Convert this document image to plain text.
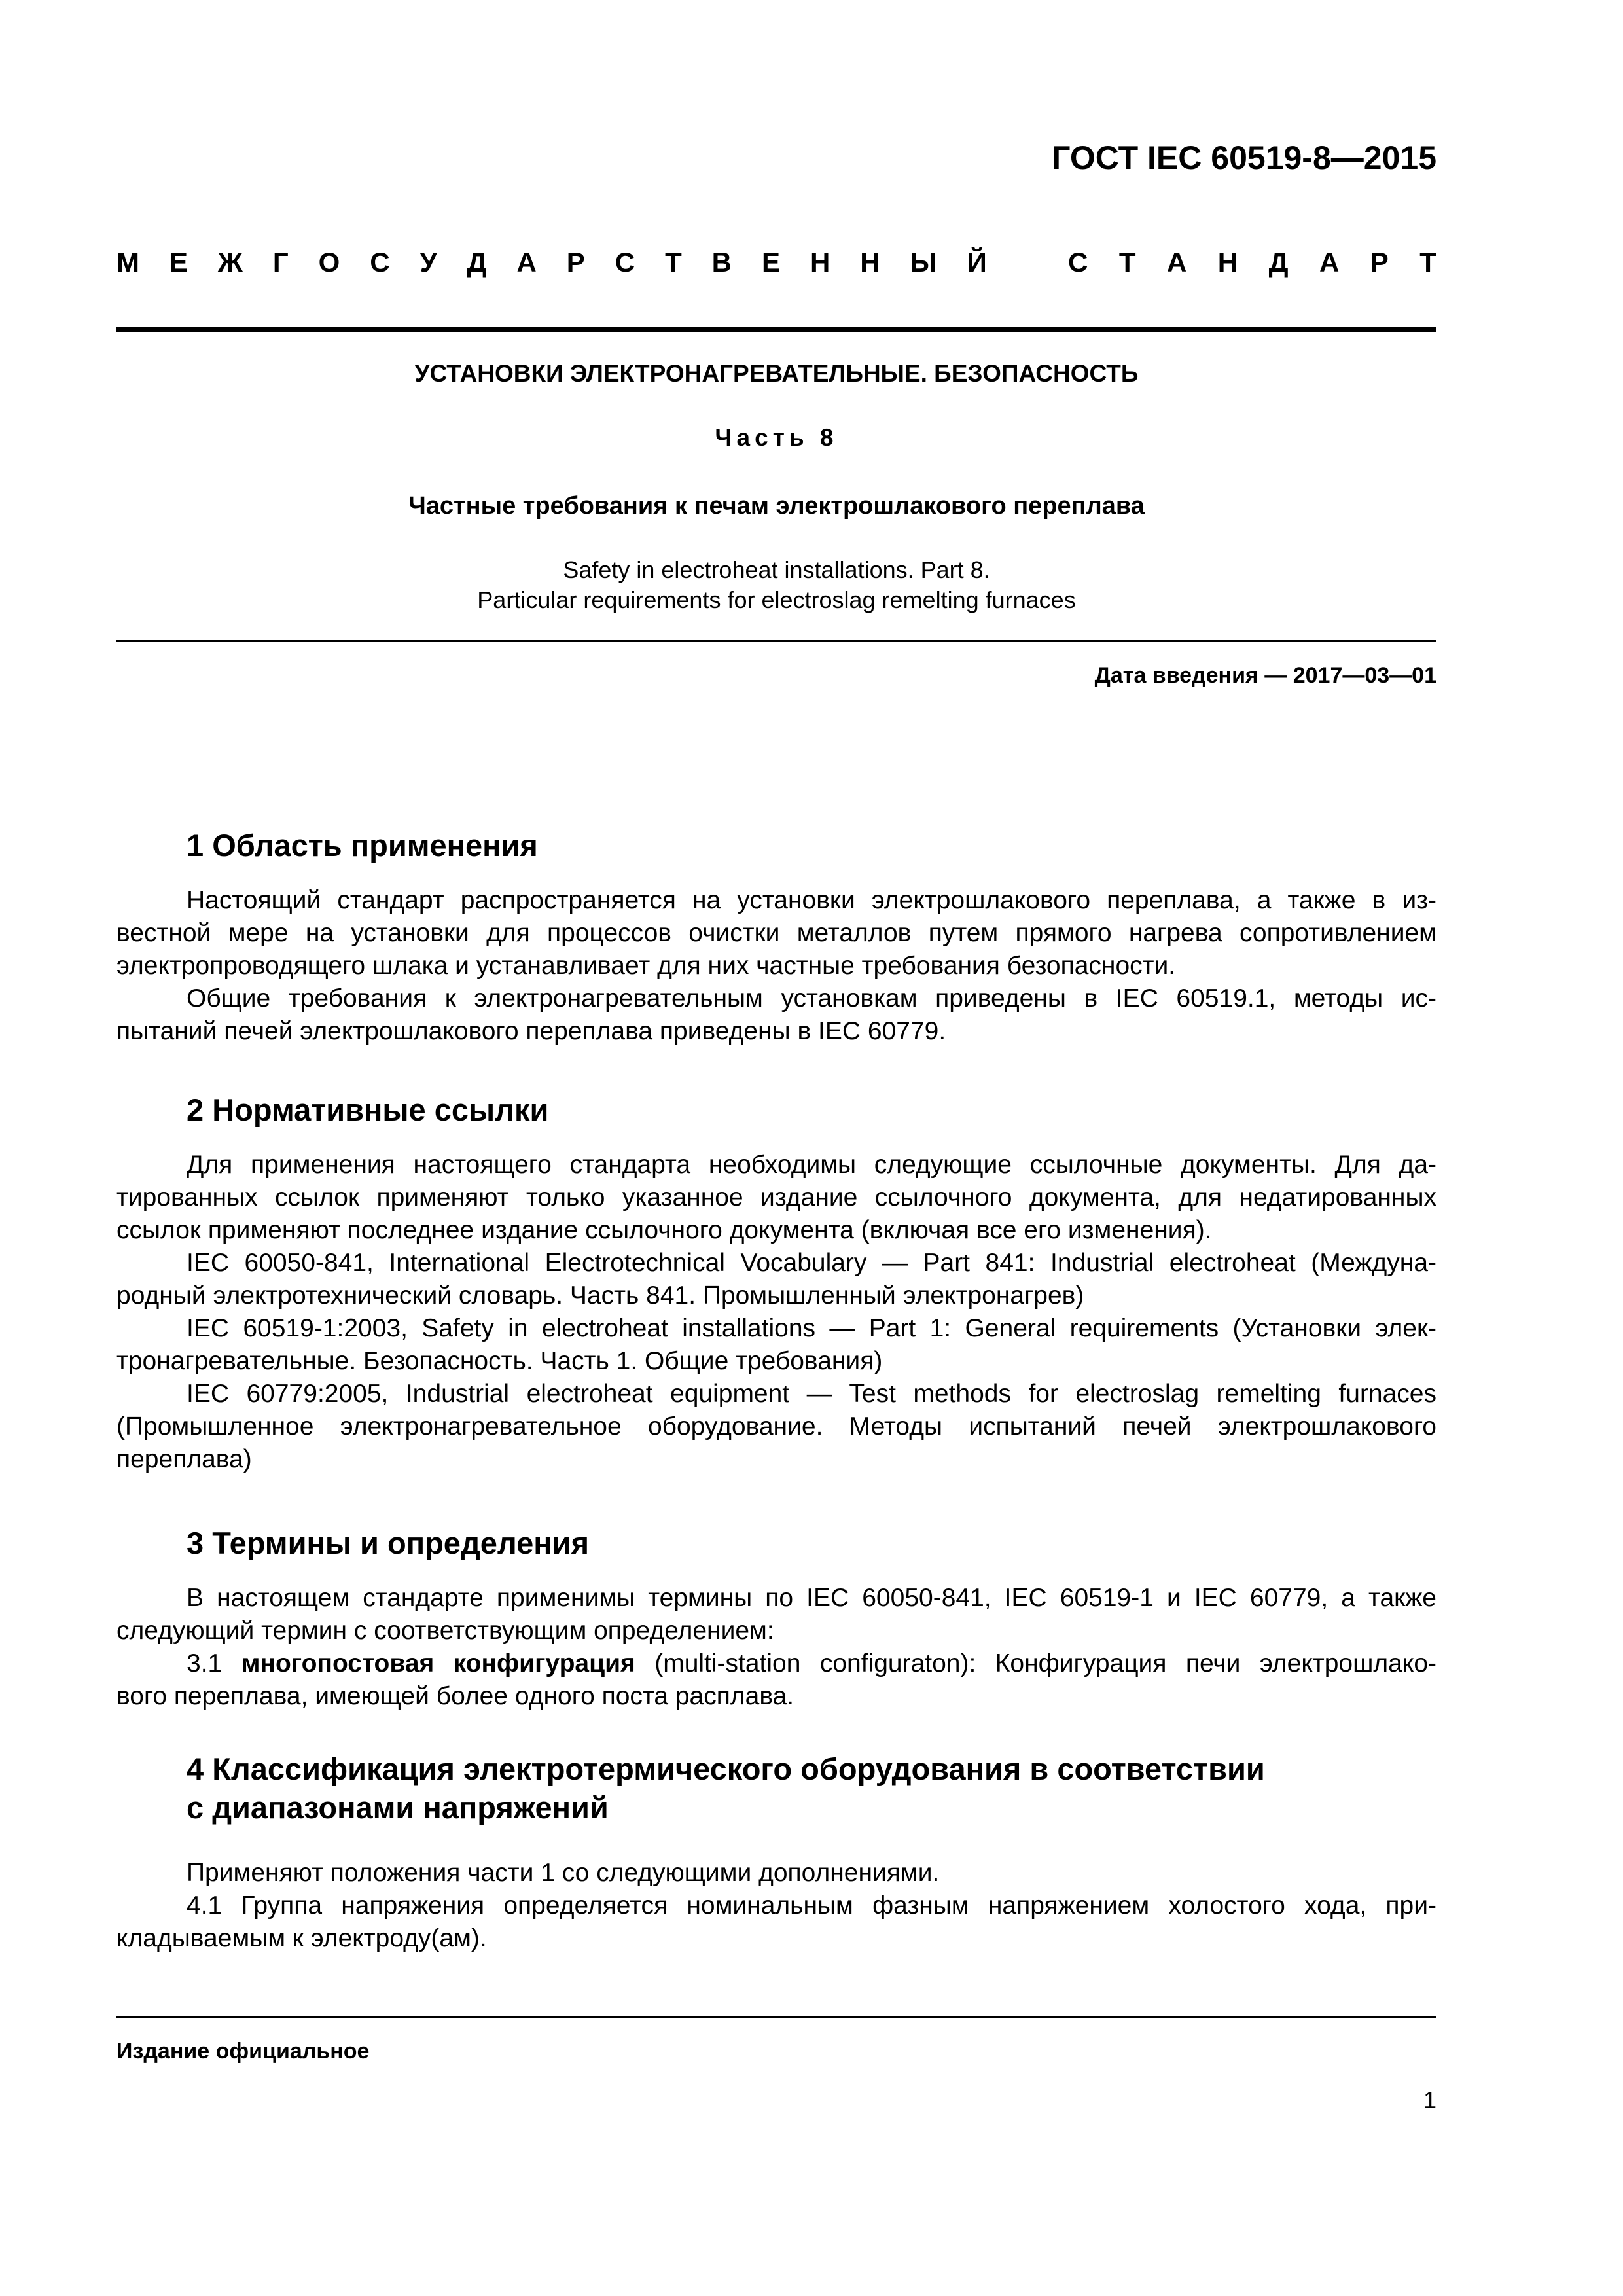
ГОСТ IEC 60519-8—2015
М Е Ж Г О С У Д А Р С Т В Е Н Н Ы Й	С Т А Н Д А Р Т
УСТАНОВКИ ЭЛЕКТРОНАГРЕВАТЕЛЬНЫЕ. БЕЗОПАСНОСТЬ
Часть 8
Частные требования к печам электрошлакового переплава
Safety in electroheat installations. Part 8.
Particular requirements for electroslag remelting furnaces
Дата введения — 2017—03—01
1 Область применения
Настоящий стандарт распространяется на установки электрошлакового переплава, а также в из-
вестной мере на установки для процессов очистки металлов путем прямого нагрева сопротивлением
электропроводящего шлака и устанавливает для них частные требования безопасности.
Общие требования к электронагревательным установкам приведены в IEC 60519.1, методы ис-
пытаний печей электрошлакового переплава приведены в IEC 60779.
2 Нормативные ссылки
Для применения настоящего стандарта необходимы следующие ссылочные документы. Для да-
тированных ссылок применяют только указанное издание ссылочного документа, для недатированных
ссылок применяют последнее издание ссылочного документа (включая все его изменения).
IEC 60050-841, International Electrotechnical Vocabulary — Part 841: Industrial electroheat (Междуна-
родный электротехнический словарь. Часть 841. Промышленный электронагрев)
IEC 60519-1:2003, Safety in electroheat installations — Part 1: General requirements (Установки элек-
тронагревательные. Безопасность. Часть 1. Общие требования)
IEC 60779:2005, Industrial electroheat equipment — Test methods for electroslag remelting furnaces
(Промышленное электронагревательное оборудование. Методы испытаний печей электрошлакового
переплава)
3 Термины и определения
В настоящем стандарте применимы термины по IEC 60050-841, IEC 60519-1 и IEC 60779, а также
следующий термин с соответствующим определением:
3.1 многопостовая конфигурация (multi-station configuraton): Конфигурация печи электрошлако-
вого переплава, имеющей более одного поста расплава.
4 Классификация электротермического оборудования в соответствии
с диапазонами напряжений
Применяют положения части 1 со следующими дополнениями.
4.1 Группа напряжения определяется номинальным фазным напряжением холостого хода, при-
кладываемым к электроду(ам).
Издание официальное
1
